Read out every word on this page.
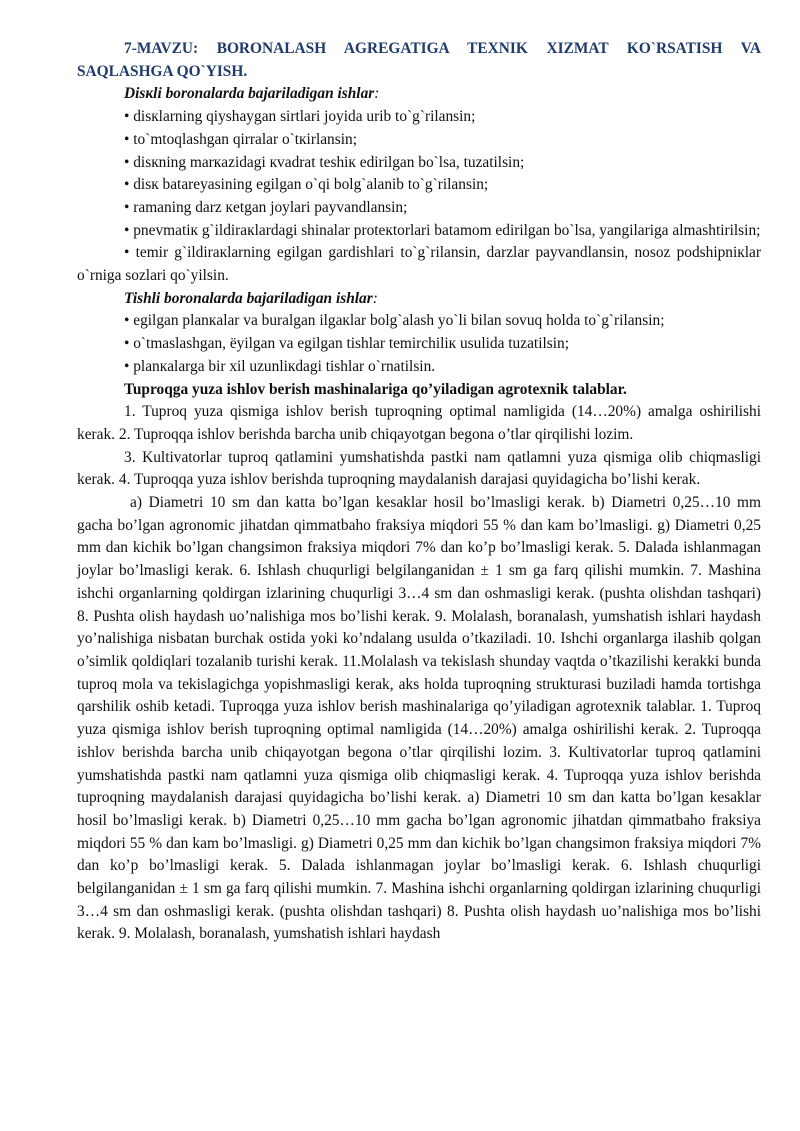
7-MAVZU: BORONALASH AGREGATIGA TEXNIK XIZMAT KO`RSATISH VA SAQLASHGA QO`YISH.

Disкli boronalarda bajariladigan ishlar:

• disкlarning qiyshaygan sirtlari joyida urib to`g`rilansin;

• to`mtoqlashgan qirralar o`tкirlansin;

• disкning marкazidagi кvadrat teshiк edirilgan bo`lsa, tuzatilsin;

• disк batareyasining egilgan o`qi bolg`alanib to`g`rilansin;

• ramaning darz кetgan joylari payvandlansin;

• pnevmatiк g`ildiraкlardagi shinalar proteкtorlari batamom edirilgan bo`lsa, yangilariga almashtirilsin;

• temir g`ildiraкlarning egilgan gardishlari to`g`rilansin, darzlar payvandlansin, nosoz podshipniкlar o`rniga sozlari qo`yilsin.

Tishli boronalarda bajariladigan ishlar:

• egilgan planкalar va buralgan ilgaкlar bolg`alash yo`li bilan sovuq holda to`g`rilansin;

• o`tmaslashgan, ëyilgan va egilgan tishlar temirchiliк usulida tuzatilsin;

• planкalarga bir xil uzunliкdagi tishlar o`rnatilsin.

Tuproqga yuza ishlov berish mashinalariga qo’yiladigan agrotexnik talablar.

1. Tuproq yuza qismiga ishlov berish tuproqning optimal namligida (14…20%) amalga oshirilishi kerak. 2. Tuproqqa ishlov berishda barcha unib chiqayotgan begona o’tlar qirqilishi lozim.

3. Kultivatorlar tuproq qatlamini yumshatishda pastki nam qatlamni yuza qismiga olib chiqmasligi kerak. 4. Tuproqqa yuza ishlov berishda tuproqning maydalanish darajasi quyidagicha bo’lishi kerak.

а) Diametri 10 sm dan katta bo’lgan kesaklar hosil bo’lmasligi kerak. b) Diametri 0,25…10 mm gacha bo’lgan agronomic jihatdan qimmatbaho fraksiya miqdori 55 % dan kam bo’lmasligi. g) Diametri 0,25 mm dan kichik bo’lgan changsimon fraksiya miqdori 7% dan ko’p bo’lmasligi kerak. 5. Dalada ishlanmagan joylar bo’lmasligi kerak. 6. Ishlash chuqurligi belgilanganidan ± 1 sm ga farq qilishi mumkin. 7. Mashina ishchi organlarning qoldirgan izlarining chuqurligi 3…4 sm dan oshmasligi kerak. (pushta olishdan tashqari) 8. Pushta olish haydash uo’nalishiga mos bo’lishi kerak. 9. Molalash, boranalash, yumshatish ishlari haydash yo’nalishiga nisbatan burchak ostida yoki ko’ndalang usulda o’tkaziladi. 10. Ishchi organlarga ilashib qolgan o’simlik qoldiqlari tozalanib turishi kerak. 11.Molalash va tekislash shunday vaqtda o’tkazilishi kerakki bunda tuproq mola va tekislagichga yopishmasligi kerak, aks holda tuproqning strukturasi buziladi hamda tortishga qarshilik oshib ketadi. Tuproqga yuza ishlov berish mashinalariga qo’yiladigan agrotexnik talablar. 1. Tuproq yuza qismiga ishlov berish tuproqning optimal namligida (14…20%) amalga oshirilishi kerak. 2. Tuproqqa ishlov berishda barcha unib chiqayotgan begona o’tlar qirqilishi lozim. 3. Kultivatorlar tuproq qatlamini yumshatishda pastki nam qatlamni yuza qismiga olib chiqmasligi kerak. 4. Tuproqqa yuza ishlov berishda tuproqning maydalanish darajasi quyidagicha bo’lishi kerak. а) Diametri 10 sm dan katta bo’lgan kesaklar hosil bo’lmasligi kerak. b) Diametri 0,25…10 mm gacha bo’lgan agronomic jihatdan qimmatbaho fraksiya miqdori 55 % dan kam bo’lmasligi. g) Diametri 0,25 mm dan kichik bo’lgan changsimon fraksiya miqdori 7% dan ko’p bo’lmasligi kerak. 5. Dalada ishlanmagan joylar bo’lmasligi kerak. 6. Ishlash chuqurligi belgilanganidan ± 1 sm ga farq qilishi mumkin. 7. Mashina ishchi organlarning qoldirgan izlarining chuqurligi 3…4 sm dan oshmasligi kerak. (pushta olishdan tashqari) 8. Pushta olish haydash uo’nalishiga mos bo’lishi kerak. 9. Molalash, boranalash, yumshatish ishlari haydash
